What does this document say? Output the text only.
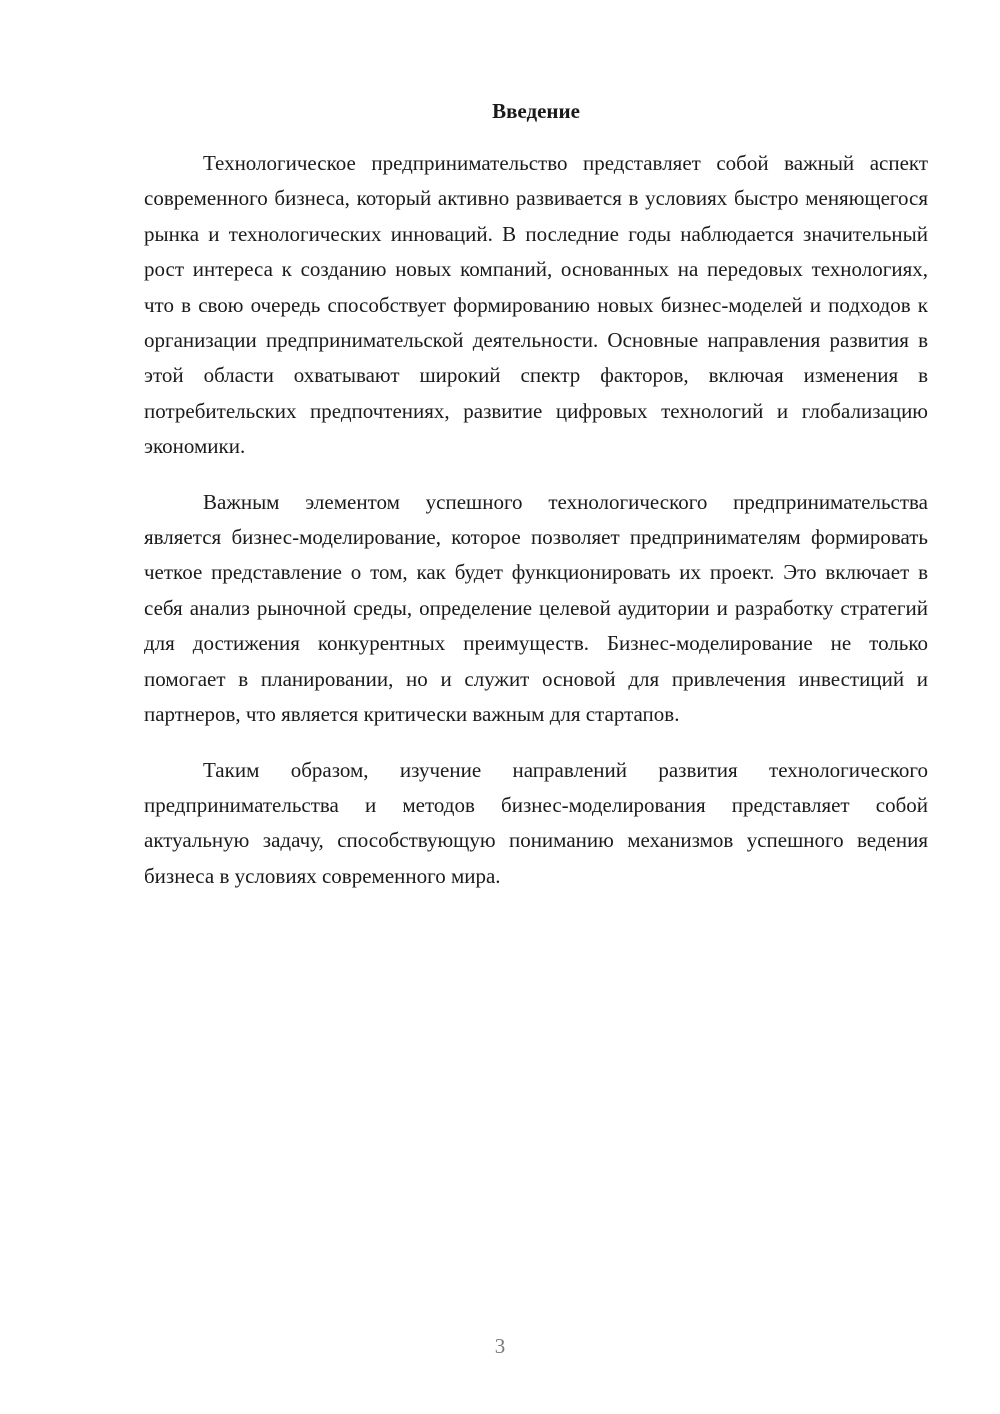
Введение

Технологическое предпринимательство представляет собой важный аспект современного бизнеса, который активно развивается в условиях быстро меняющегося рынка и технологических инноваций. В последние годы наблюдается значительный рост интереса к созданию новых компаний, основанных на передовых технологиях, что в свою очередь способствует формированию новых бизнес-моделей и подходов к организации предпринимательской деятельности. Основные направления развития в этой области охватывают широкий спектр факторов, включая изменения в потребительских предпочтениях, развитие цифровых технологий и глобализацию экономики.

Важным элементом успешного технологического предпринимательства является бизнес-моделирование, которое позволяет предпринимателям формировать четкое представление о том, как будет функционировать их проект. Это включает в себя анализ рыночной среды, определение целевой аудитории и разработку стратегий для достижения конкурентных преимуществ. Бизнес-моделирование не только помогает в планировании, но и служит основой для привлечения инвестиций и партнеров, что является критически важным для стартапов.

Таким образом, изучение направлений развития технологического предпринимательства и методов бизнес-моделирования представляет собой актуальную задачу, способствующую пониманию механизмов успешного ведения бизнеса в условиях современного мира.

3
